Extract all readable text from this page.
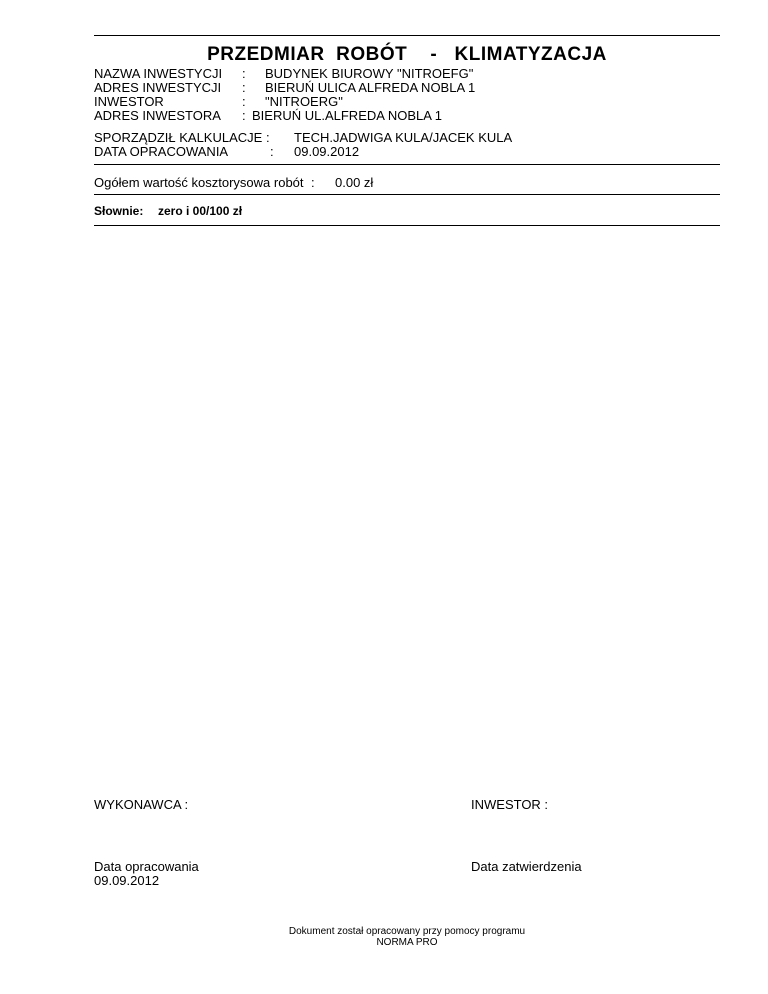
PRZEDMIAR  ROBÓT    -   KLIMATYZACJA
NAZWA INWESTYCJI : BUDYNEK BIUROWY "NITROEFG"
ADRES INWESTYCJI : BIERUŃ ULICA ALFREDA NOBLA 1
INWESTOR	: "NITROERG"
ADRES INWESTORA : BIERUŃ UL.ALFREDA NOBLA 1
SPORZĄDZIŁ KALKULACJE : TECH.JADWIGA KULA/JACEK KULA
DATA OPRACOWANIA	: 09.09.2012
Ogółem wartość kosztorysowa robót : 0.00 zł
Słownie: zero i 00/100 zł
WYKONAWCA :	INWESTOR :
Data opracowania
09.09.2012
Data zatwierdzenia
Dokument został opracowany przy pomocy programu
NORMA PRO
